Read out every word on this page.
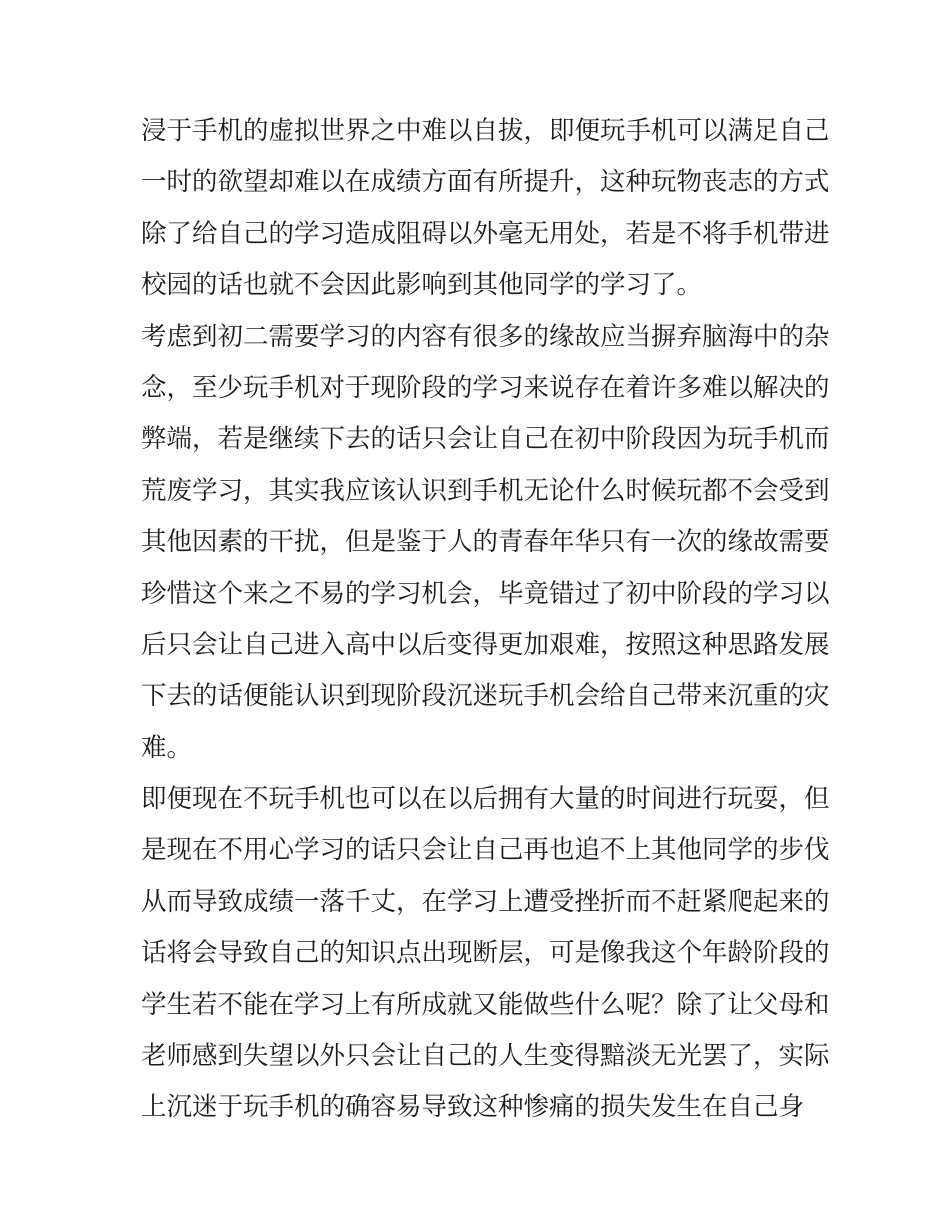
浸于手机的虚拟世界之中难以自拔，即便玩手机可以满足自己
一时的欲望却难以在成绩方面有所提升，这种玩物丧志的方式
除了给自己的学习造成阻碍以外毫无用处，若是不将手机带进
校园的话也就不会因此影响到其他同学的学习了。
考虑到初二需要学习的内容有很多的缘故应当摒弃脑海中的杂
念，至少玩手机对于现阶段的学习来说存在着许多难以解决的
弊端，若是继续下去的话只会让自己在初中阶段因为玩手机而
荒废学习，其实我应该认识到手机无论什么时候玩都不会受到
其他因素的干扰，但是鉴于人的青春年华只有一次的缘故需要
珍惜这个来之不易的学习机会，毕竟错过了初中阶段的学习以
后只会让自己进入高中以后变得更加艰难，按照这种思路发展
下去的话便能认识到现阶段沉迷玩手机会给自己带来沉重的灾
难。
即便现在不玩手机也可以在以后拥有大量的时间进行玩耍，但
是现在不用心学习的话只会让自己再也追不上其他同学的步伐
从而导致成绩一落千丈，在学习上遭受挫折而不赶紧爬起来的
话将会导致自己的知识点出现断层，可是像我这个年龄阶段的
学生若不能在学习上有所成就又能做些什么呢？除了让父母和
老师感到失望以外只会让自己的人生变得黯淡无光罢了，实际
上沉迷于玩手机的确容易导致这种惨痛的损失发生在自己身
